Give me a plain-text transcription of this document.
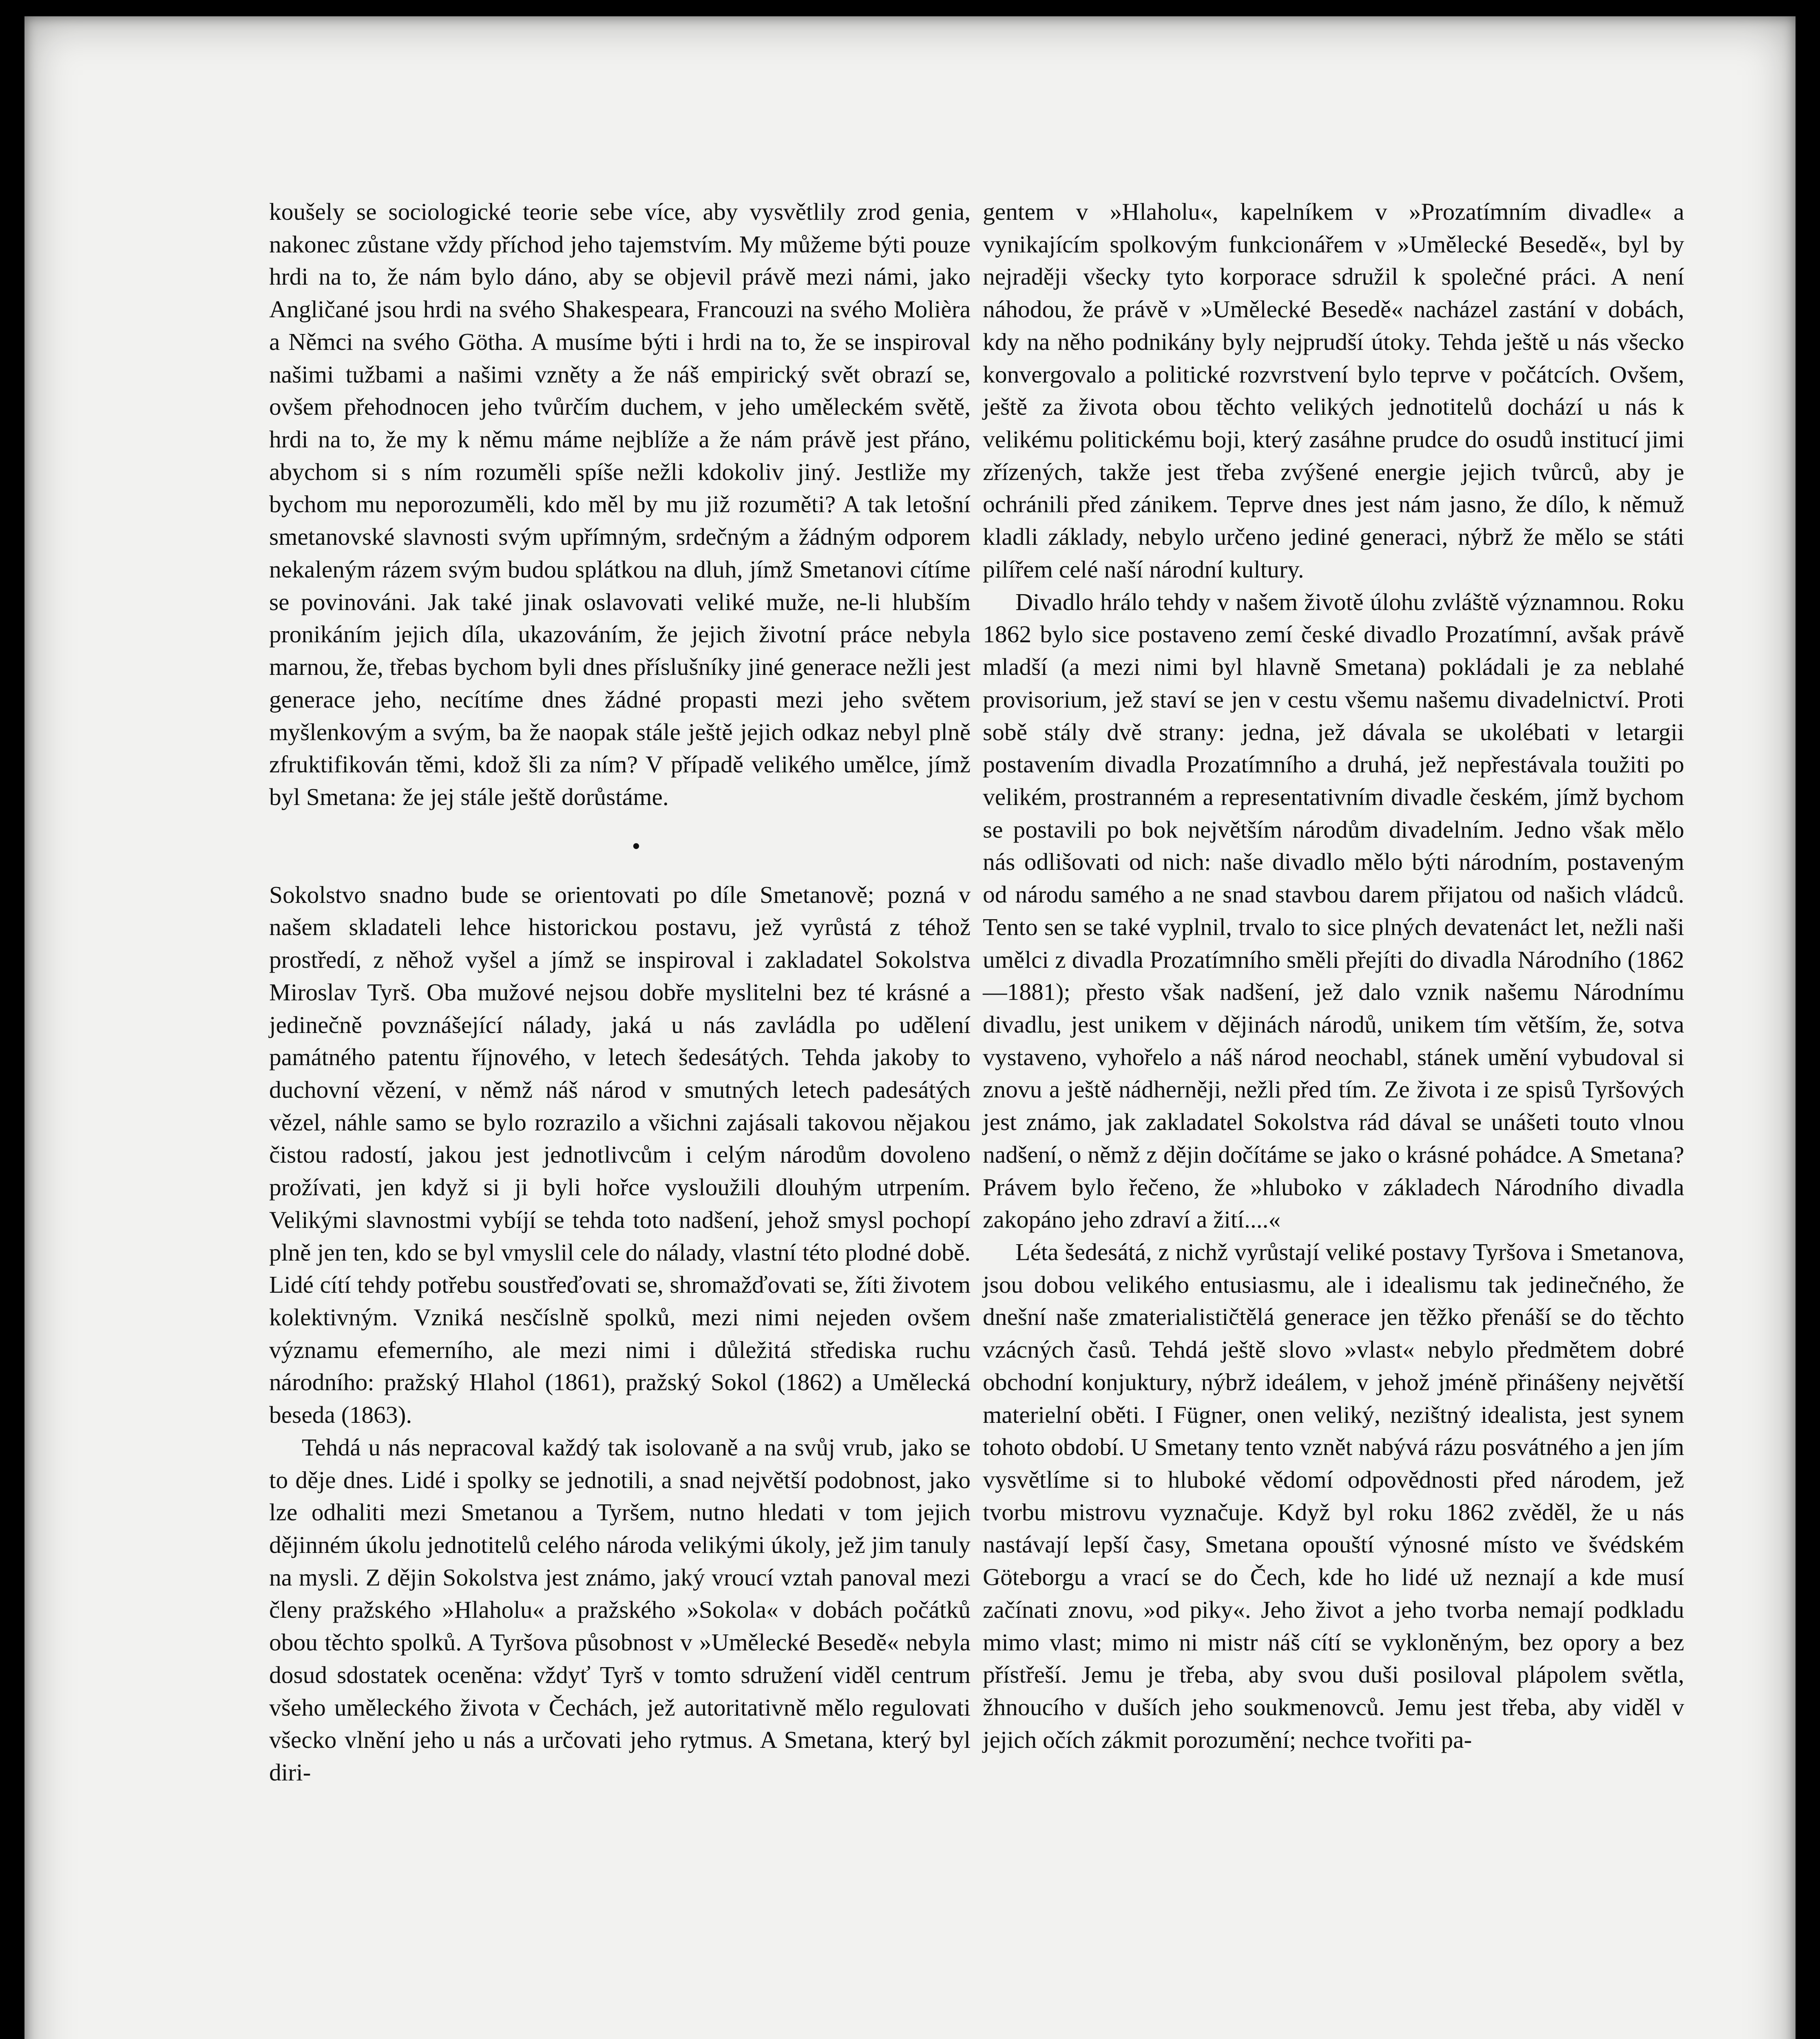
koušely se sociologické teorie sebe více, aby vysvětlily zrod genia, nakonec zůstane vždy příchod jeho tajemstvím. My můžeme býti pouze hrdi na to, že nám bylo dáno, aby se objevil právě mezi námi, jako Angličané jsou hrdi na svého Shakespeara, Francouzi na svého Molièra a Němci na svého Götha. A musíme býti i hrdi na to, že se inspiroval našimi tužbami a našimi vzněty a že náš empirický svět obrazí se, ovšem přehodnocen jeho tvůrčím duchem, v jeho uměleckém světě, hrdi na to, že my k němu máme nejblíže a že nám právě jest přáno, abychom si s ním rozuměli spíše nežli kdokoliv jiný. Jestliže my bychom mu neporozuměli, kdo měl by mu již rozuměti? A tak letošní smetanovské slavnosti svým upřímným, srdečným a žádným odporem nekaleným rázem svým budou splátkou na dluh, jímž Smetanovi cítíme se povinováni. Jak také jinak oslavovati veliké muže, ne-li hlubším pronikáním jejich díla, ukazováním, že jejich životní práce nebyla marnou, že, třebas bychom byli dnes příslušníky jiné generace nežli jest generace jeho, necítíme dnes žádné propasti mezi jeho světem myšlenkovým a svým, ba že naopak stále ještě jejich odkaz nebyl plně zfruktifikován těmi, kdož šli za ním? V případě velikého umělce, jímž byl Smetana: že jej stále ještě dorůstáme.

•

Sokolstvo snadno bude se orientovati po díle Smetanově; pozná v našem skladateli lehce historickou postavu, jež vyrůstá z téhož prostředí, z něhož vyšel a jímž se inspiroval i zakladatel Sokolstva Miroslav Tyrš. Oba mužové nejsou dobře myslitelni bez té krásné a jedinečně povznášející nálady, jaká u nás zavládla po udělení památného patentu říjnového, v letech šedesátých. Tehda jakoby to duchovní vězení, v němž náš národ v smutných letech padesátých vězel, náhle samo se bylo rozrazilo a všichni zajásali takovou nějakou čistou radostí, jakou jest jednotlivcům i celým národům dovoleno prožívati, jen když si ji byli hořce vysloužili dlouhým utrpením. Velikými slavnostmi vybíjí se tehda toto nadšení, jehož smysl pochopí plně jen ten, kdo se byl vmyslil cele do nálady, vlastní této plodné době. Lidé cítí tehdy potřebu soustřeďovati se, shromažďovati se, žíti životem kolektivným. Vzniká nesčíslně spolků, mezi nimi nejeden ovšem významu efemerního, ale mezi nimi i důležitá střediska ruchu národního: pražský Hlahol (1861), pražský Sokol (1862) a Umělecká beseda (1863).

Tehdá u nás nepracoval každý tak isolovaně a na svůj vrub, jako se to děje dnes. Lidé i spolky se jednotili, a snad největší podobnost, jako lze odhaliti mezi Smetanou a Tyršem, nutno hledati v tom jejich dějinném úkolu jednotitelů celého národa velikými úkoly, jež jim tanuly na mysli. Z dějin Sokolstva jest známo, jaký vroucí vztah panoval mezi členy pražského »Hlaholu« a pražského »Sokola« v dobách počátků obou těchto spolků. A Tyršova působnost v »Umělecké Besedě« nebyla dosud sdostatek oceněna: vždyť Tyrš v tomto sdružení viděl centrum všeho uměleckého života v Čechách, jež autoritativně mělo regulovati všecko vlnění jeho u nás a určovati jeho rytmus. A Smetana, který byl diri-

gentem v »Hlaholu«, kapelníkem v »Prozatímním divadle« a vynikajícím spolkovým funkcionářem v »Umělecké Besedě«, byl by nejraději všecky tyto korporace sdružil k společné práci. A není náhodou, že právě v »Umělecké Besedě« nacházel zastání v dobách, kdy na něho podnikány byly nejprudší útoky. Tehda ještě u nás všecko konvergovalo a politické rozvrstvení bylo teprve v počátcích. Ovšem, ještě za života obou těchto velikých jednotitelů dochází u nás k velikému politickému boji, který zasáhne prudce do osudů institucí jimi zřízených, takže jest třeba zvýšené energie jejich tvůrců, aby je ochránili před zánikem. Teprve dnes jest nám jasno, že dílo, k němuž kladli základy, nebylo určeno jediné generaci, nýbrž že mělo se státi pilířem celé naší národní kultury.

Divadlo hrálo tehdy v našem životě úlohu zvláště významnou. Roku 1862 bylo sice postaveno zemí české divadlo Prozatímní, avšak právě mladší (a mezi nimi byl hlavně Smetana) pokládali je za neblahé provisorium, jež staví se jen v cestu všemu našemu divadelnictví. Proti sobě stály dvě strany: jedna, jež dávala se ukolébati v letargii postavením divadla Prozatímního a druhá, jež nepřestávala toužiti po velikém, prostranném a representativním divadle českém, jímž bychom se postavili po bok největším národům divadelním. Jedno však mělo nás odlišovati od nich: naše divadlo mělo býti národním, postaveným od národu samého a ne snad stavbou darem přijatou od našich vládců. Tento sen se také vyplnil, trvalo to sice plných devatenáct let, nežli naši umělci z divadla Prozatímního směli přejíti do divadla Národního (1862—1881); přesto však nadšení, jež dalo vznik našemu Národnímu divadlu, jest unikem v dějinách národů, unikem tím větším, že, sotva vystaveno, vyhořelo a náš národ neochabl, stánek umění vybudoval si znovu a ještě nádherněji, nežli před tím. Ze života i ze spisů Tyršových jest známo, jak zakladatel Sokolstva rád dával se unášeti touto vlnou nadšení, o němž z dějin dočítáme se jako o krásné pohádce. A Smetana? Právem bylo řečeno, že »hluboko v základech Národního divadla zakopáno jeho zdraví a žití....«

Léta šedesátá, z nichž vyrůstají veliké postavy Tyršova i Smetanova, jsou dobou velikého entusiasmu, ale i idealismu tak jedinečného, že dnešní naše zmaterialističtělá generace jen těžko přenáší se do těchto vzácných časů. Tehdá ještě slovo »vlast« nebylo předmětem dobré obchodní konjuktury, nýbrž ideálem, v jehož jméně přinášeny největší materielní oběti. I Fügner, onen veliký, nezištný idealista, jest synem tohoto období. U Smetany tento vznět nabývá rázu posvátného a jen jím vysvětlíme si to hluboké vědomí odpovědnosti před národem, jež tvorbu mistrovu vyznačuje. Když byl roku 1862 zvěděl, že u nás nastávají lepší časy, Smetana opouští výnosné místo ve švédském Göteborgu a vrací se do Čech, kde ho lidé už neznají a kde musí začínati znovu, »od piky«. Jeho život a jeho tvorba nemají podkladu mimo vlast; mimo ni mistr náš cítí se vykloněným, bez opory a bez přístřeší. Jemu je třeba, aby svou duši posiloval plápolem světla, žhnoucího v duších jeho soukmenovců. Jemu jest třeba, aby viděl v jejich očích zákmit porozumění; nechce tvořiti pa-
